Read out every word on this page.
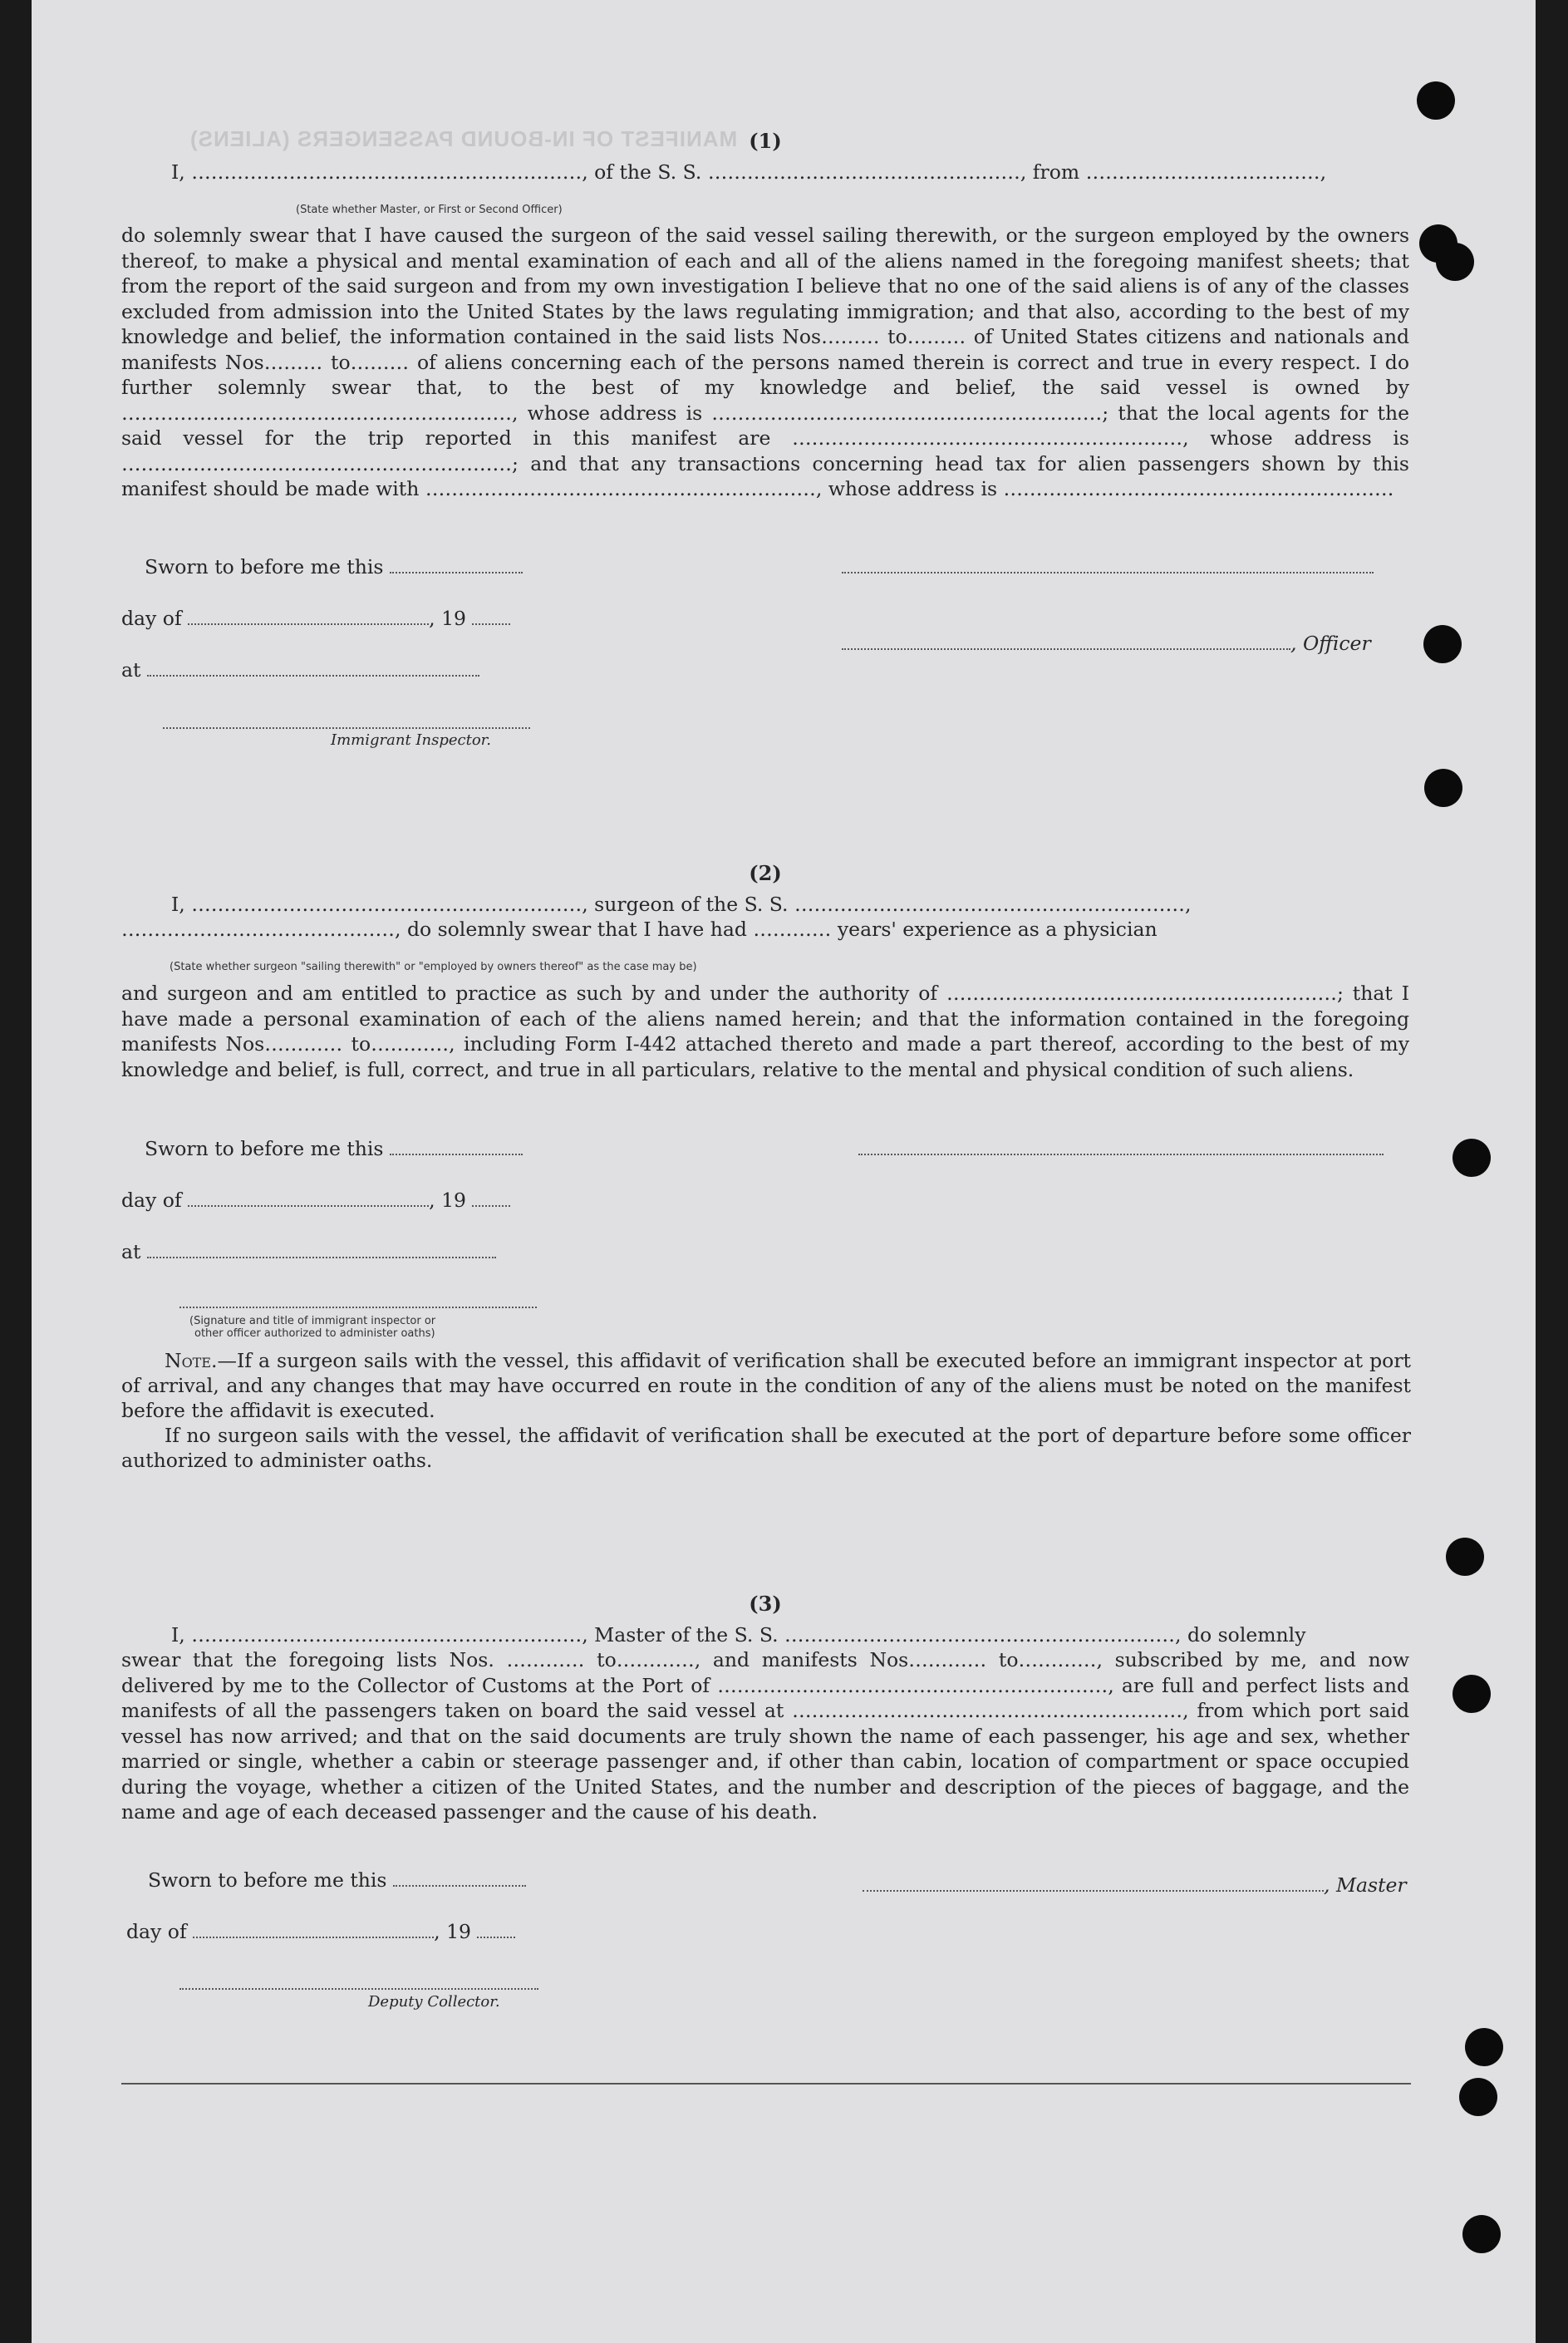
MANIFEST OF IN-BOUND PASSENGERS (ALIENS) (1)

I, ……………………………………………………, of the S. S. …………………………………………, from ………………………………,

(State whether Master, or First or Second Officer)

do solemnly swear that I have caused the surgeon of the said vessel sailing therewith, or the surgeon employed by the owners thereof, to make a physical and mental examination of each and all of the aliens named in the foregoing manifest sheets; that from the report of the said surgeon and from my own investigation I believe that no one of the said aliens is of any of the classes excluded from admission into the United States by the laws regulating immigration; and that also, according to the best of my knowledge and belief, the information contained in the said lists Nos……… to……… of United States citizens and nationals and manifests Nos……… to……… of aliens concerning each of the persons named therein is correct and true in every respect. I do further solemnly swear that, to the best of my knowledge and belief, the said vessel is owned by ……………………………………………………, whose address is ……………………………………………………; that the local agents for the said vessel for the trip reported in this manifest are ……………………………………………………, whose address is ……………………………………………………; and that any transactions concerning head tax for alien passengers shown by this manifest should be made with ……………………………………………………, whose address is ……………………………………………………

Sworn to before me this
day of	, 19
at
Immigrant Inspector.
, Officer

(2)

I, ……………………………………………………, surgeon of the S. S. ……………………………………………………,

……………………………………, do solemnly swear that I have had ………… years' experience as a physician

(State whether surgeon "sailing therewith" or "employed by owners thereof" as the case may be)

and surgeon and am entitled to practice as such by and under the authority of ……………………………………………………; that I have made a personal examination of each of the aliens named herein; and that the information contained in the foregoing manifests Nos………… to…………, including Form I-442 attached thereto and made a part thereof, according to the best of my knowledge and belief, is full, correct, and true in all particulars, relative to the mental and physical condition of such aliens.

Sworn to before me this
day of	, 19
at
(Signature and title of immigrant inspector or
other officer authorized to administer oaths)

Note.—If a surgeon sails with the vessel, this affidavit of verification shall be executed before an immigrant inspector at port of arrival, and any changes that may have occurred en route in the condition of any of the aliens must be noted on the manifest before the affidavit is executed.

If no surgeon sails with the vessel, the affidavit of verification shall be executed at the port of departure before some officer authorized to administer oaths.

(3)

I, ……………………………………………………, Master of the S. S. ……………………………………………………, do solemnly

swear that the foregoing lists Nos. ………… to…………, and manifests Nos………… to…………, subscribed by me, and now delivered by me to the Collector of Customs at the Port of ……………………………………………………, are full and perfect lists and manifests of all the passengers taken on board the said vessel at ……………………………………………………, from which port said vessel has now arrived; and that on the said documents are truly shown the name of each passenger, his age and sex, whether married or single, whether a cabin or steerage passenger and, if other than cabin, location of compartment or space occupied during the voyage, whether a citizen of the United States, and the number and description of the pieces of baggage, and the name and age of each deceased passenger and the cause of his death.

Sworn to before me this
day of	, 19
Deputy Collector.
, Master
